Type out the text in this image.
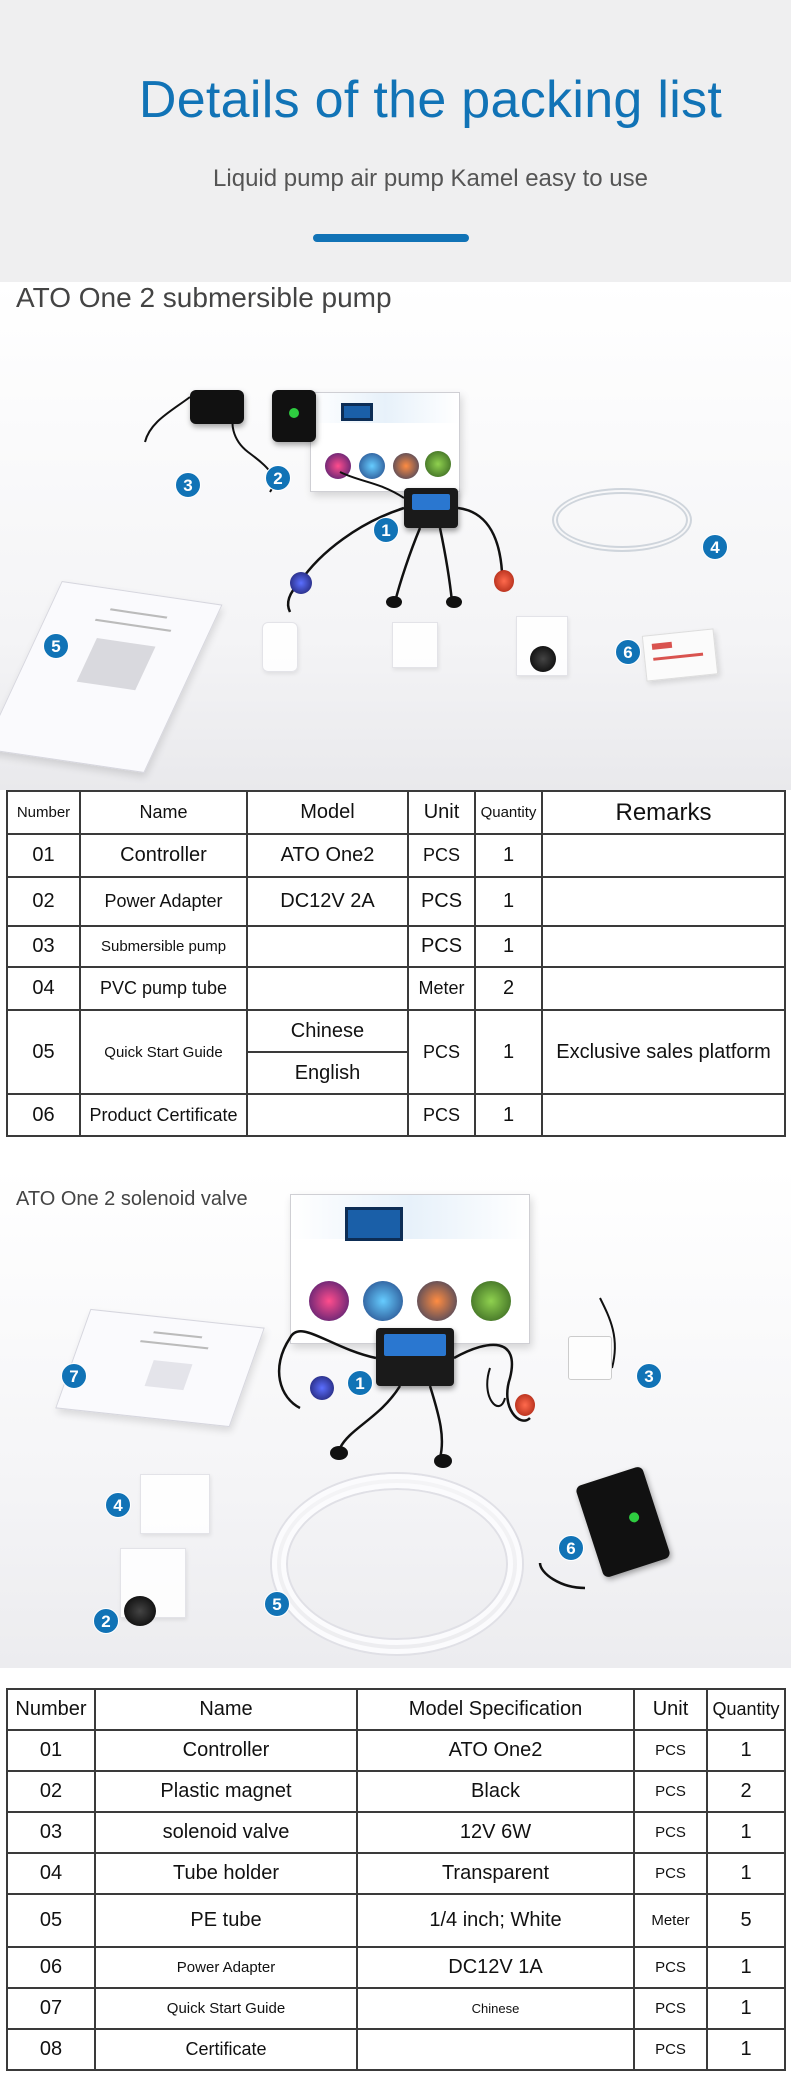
Details of the packing list
Liquid pump air pump Kamel easy to use
ATO One 2 submersible pump
1
2
3
4
5	6
Number	Name	Model	Unit	Quantity	Remarks
01	Controller	ATO One2	PCS	1	
02	Power Adapter	DC12V 2A	PCS	1	
03	Submersible pump		PCS	1	
04	PVC pump tube		Meter	2	
05	Quick Start Guide	Chinese	PCS	1	Exclusive sales platform
		English			
06	Product Certificate		PCS	1	
ATO One 2 solenoid valve
7	1	3
4
6
2
5
Number	Name	Model Specification	Unit	Quantity
01	Controller	ATO One2	PCS	1
02	Plastic magnet	Black	PCS	2
03	solenoid valve	12V 6W	PCS	1
04	Tube holder	Transparent	PCS	1
05	PE tube	1/4 inch; White	Meter	5
06	Power Adapter	DC12V 1A	PCS	1
07	Quick Start Guide	Chinese	PCS	1
08	Certificate		PCS	1
